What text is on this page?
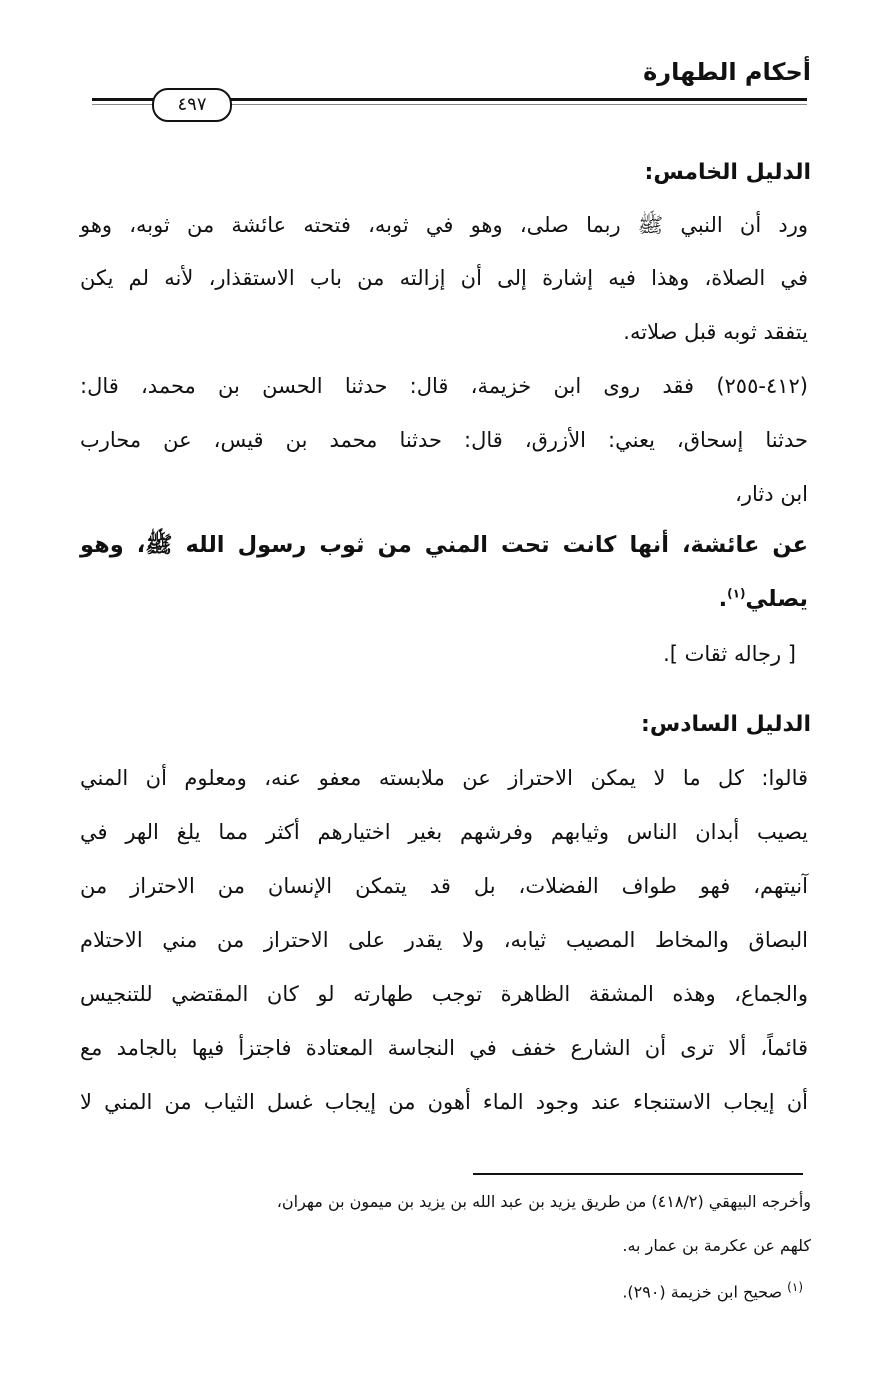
أحكام الطهارة
٤٩٧
الدليل الخامس:
ورد أن النبي ﷺ ربما صلى، وهو في ثوبه، فتحته عائشة من ثوبه، وهو
في الصلاة، وهذا فيه إشارة إلى أن إزالته من باب الاستقذار، لأنه لم يكن
يتفقد ثوبه قبل صلاته.
(٤١٢-٢٥٥) فقد روى ابن خزيمة، قال: حدثنا الحسن بن محمد، قال:
حدثنا إسحاق، يعني: الأزرق، قال: حدثنا محمد بن قيس، عن محارب
ابن دثار،
عن عائشة، أنها كانت تحت المني من ثوب رسول الله ﷺ، وهو
يصلي$^{(١)}$.
[ رجاله ثقات ].
الدليل السادس:
قالوا: كل ما لا يمكن الاحتراز عن ملابسته معفو عنه، ومعلوم أن المني
يصيب أبدان الناس وثيابهم وفرشهم بغير اختيارهم أكثر مما يلغ الهر في
آنيتهم، فهو طواف الفضلات، بل قد يتمكن الإنسان من الاحتراز من
البصاق والمخاط المصيب ثيابه، ولا يقدر على الاحتراز من مني الاحتلام
والجماع، وهذه المشقة الظاهرة توجب طهارته لو كان المقتضي للتنجيس
قائماً، ألا ترى أن الشارع خفف في النجاسة المعتادة فاجتزأ فيها بالجامد مع
أن إيجاب الاستنجاء عند وجود الماء أهون من إيجاب غسل الثياب من المني لا
وأخرجه البيهقي (٤١٨/٢) من طريق يزيد بن عبد الله بن يزيد بن ميمون بن مهران،
كلهم عن عكرمة بن عمار به.
$^{(١)}$ صحيح ابن خزيمة (٢٩٠).
